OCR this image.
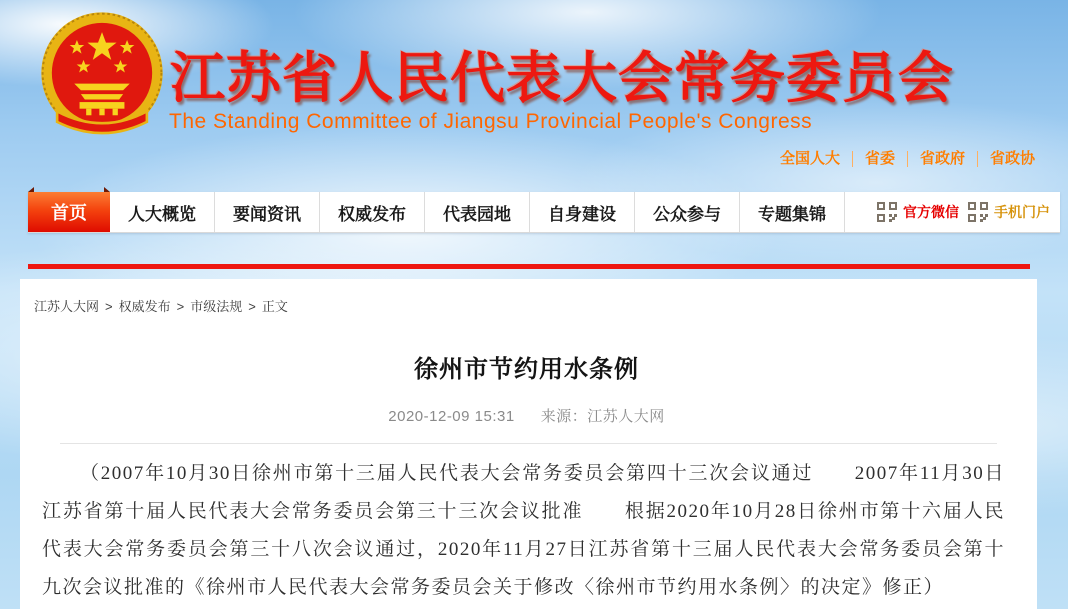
江苏省人民代表大会常务委员会
The Standing Committee of Jiangsu Provincial People's Congress
全国人大	省委	省政府	省政协
首页	人大概览	要闻资讯	权威发布	代表园地	自身建设	公众参与	专题集锦	官方微信	手机门户
江苏人大网 > 权威发布 > 市级法规 > 正文
徐州市节约用水条例
2020-12-09 15:31 来源：江苏人大网

（2007年10月30日徐州市第十三届人民代表大会常务委员会第四十三次会议通过　　2007年11月30日江苏省第十届人民代表大会常务委员会第三十三次会议批准　　根据2020年10月28日徐州市第十六届人民代表大会常务委员会第三十八次会议通过，2020年11月27日江苏省第十三届人民代表大会常务委员会第十九次会议批准的《徐州市人民代表大会常务委员会关于修改〈徐州市节约用水条例〉的决定》修正）
